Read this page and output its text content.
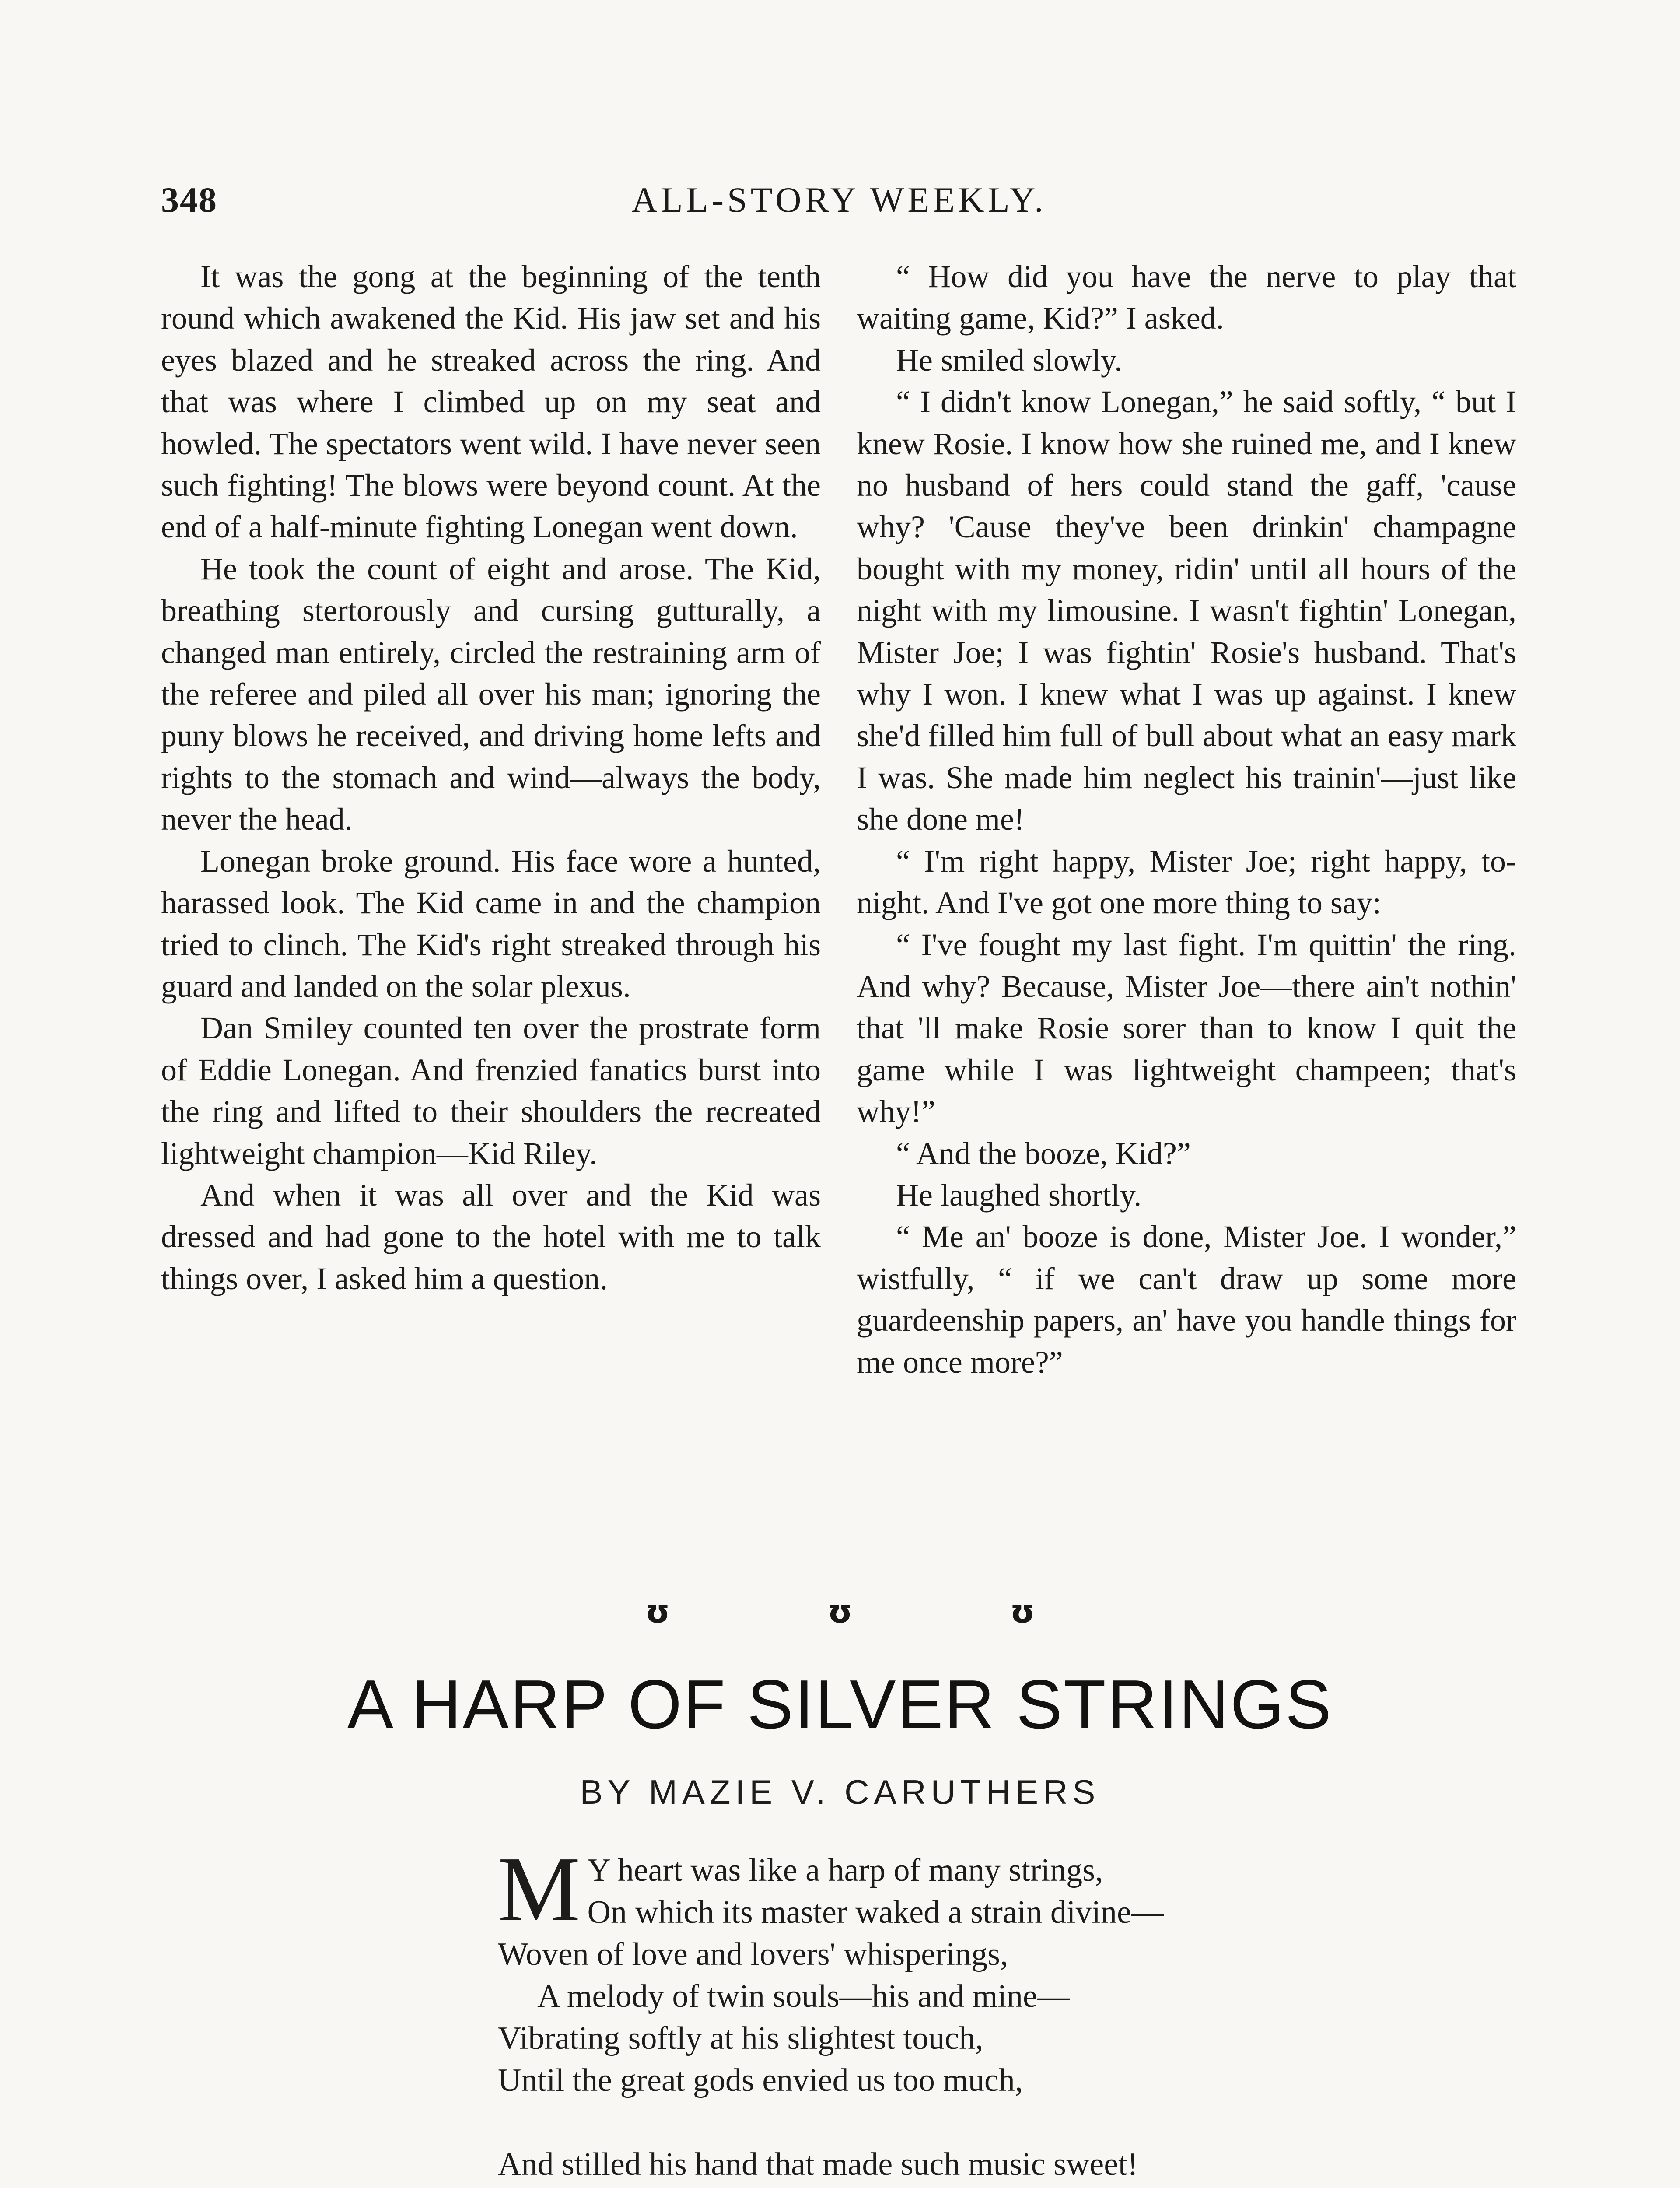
348	ALL-STORY WEEKLY.

It was the gong at the beginning of the tenth round which awakened the Kid. His jaw set and his eyes blazed and he streaked across the ring. And that was where I climbed up on my seat and howled. The spectators went wild. I have never seen such fighting! The blows were beyond count. At the end of a half-minute fighting Lonegan went down.

He took the count of eight and arose. The Kid, breathing stertorously and cursing gutturally, a changed man entirely, circled the restraining arm of the referee and piled all over his man; ignoring the puny blows he received, and driving home lefts and rights to the stomach and wind—always the body, never the head.

Lonegan broke ground. His face wore a hunted, harassed look. The Kid came in and the champion tried to clinch. The Kid's right streaked through his guard and landed on the solar plexus.

Dan Smiley counted ten over the prostrate form of Eddie Lonegan. And frenzied fanatics burst into the ring and lifted to their shoulders the recreated lightweight champion—Kid Riley.

And when it was all over and the Kid was dressed and had gone to the hotel with me to talk things over, I asked him a question.

“ How did you have the nerve to play that waiting game, Kid?” I asked.

He smiled slowly.

“ I didn't know Lonegan,” he said softly, “ but I knew Rosie. I know how she ruined me, and I knew no husband of hers could stand the gaff, 'cause why? 'Cause they've been drinkin' champagne bought with my money, ridin' until all hours of the night with my limousine. I wasn't fightin' Lonegan, Mister Joe; I was fightin' Rosie's husband. That's why I won. I knew what I was up against. I knew she'd filled him full of bull about what an easy mark I was. She made him neglect his trainin'—just like she done me!

“ I'm right happy, Mister Joe; right happy, to-night. And I've got one more thing to say:

“ I've fought my last fight. I'm quittin' the ring. And why? Because, Mister Joe—there ain't nothin' that 'll make Rosie sorer than to know I quit the game while I was lightweight champeen; that's why!”

“ And the booze, Kid?”

He laughed shortly.

“ Me an' booze is done, Mister Joe. I wonder,” wistfully, “ if we can't draw up some more guardeenship papers, an' have you handle things for me once more?”

ʊ	ʊ	ʊ
A HARP OF SILVER STRINGS
BY MAZIE V. CARUTHERS
M Y heart was like a harp of many strings,
On which its master waked a strain divine—
Woven of love and lovers' whisperings,
A melody of twin souls—his and mine—
Vibrating softly at his slightest touch,
Until the great gods envied us too much,
And stilled his hand that made such music sweet!
